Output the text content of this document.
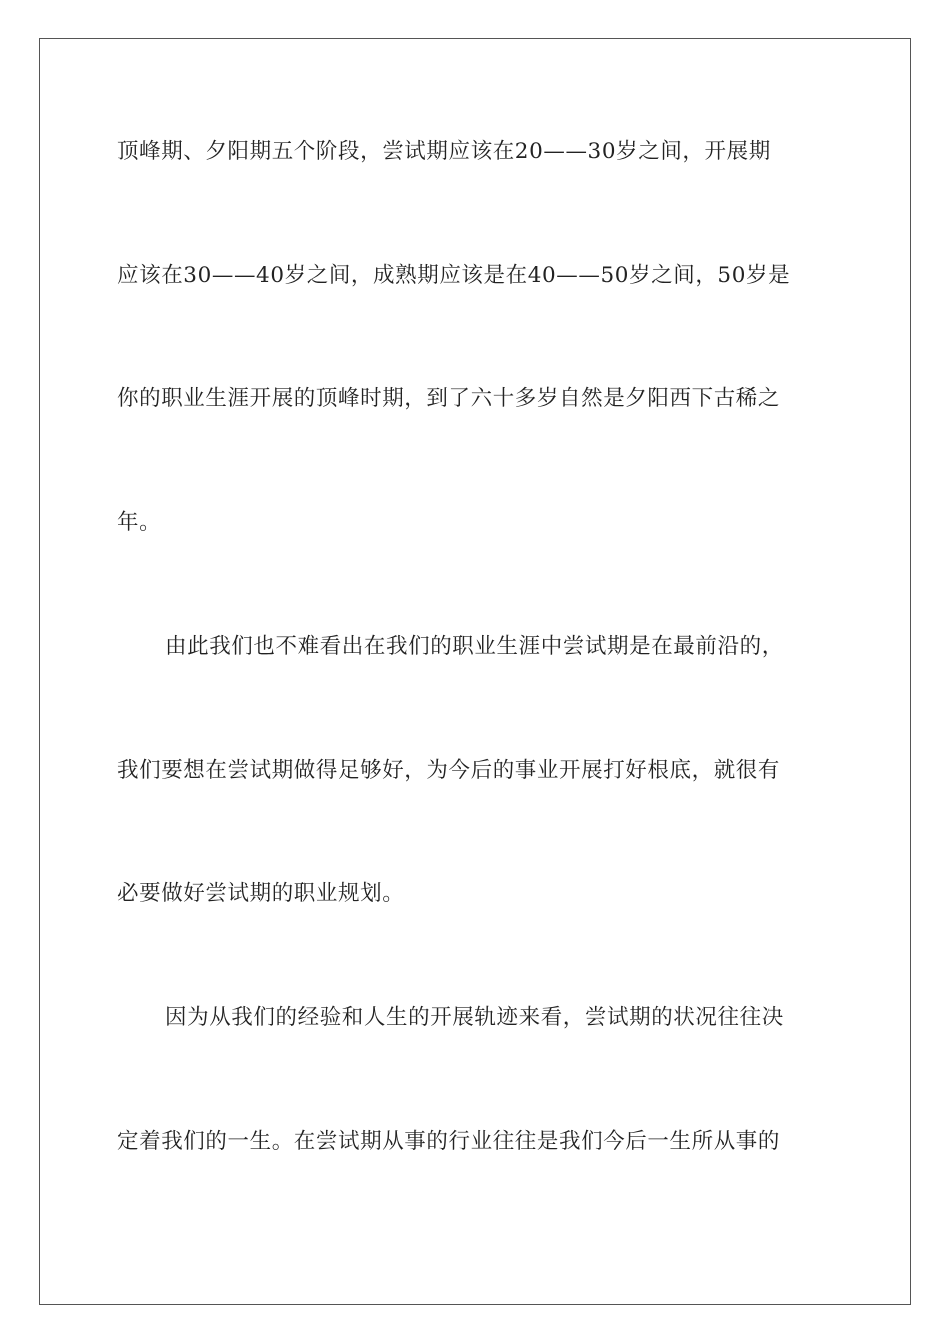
顶峰期、夕阳期五个阶段，尝试期应该在20——30岁之间，开展期
应该在30——40岁之间，成熟期应该是在40——50岁之间，50岁是
你的职业生涯开展的顶峰时期，到了六十多岁自然是夕阳西下古稀之
年。
由此我们也不难看出在我们的职业生涯中尝试期是在最前沿的，
我们要想在尝试期做得足够好，为今后的事业开展打好根底，就很有
必要做好尝试期的职业规划。
因为从我们的经验和人生的开展轨迹来看，尝试期的状况往往决
定着我们的一生。在尝试期从事的行业往往是我们今后一生所从事的
